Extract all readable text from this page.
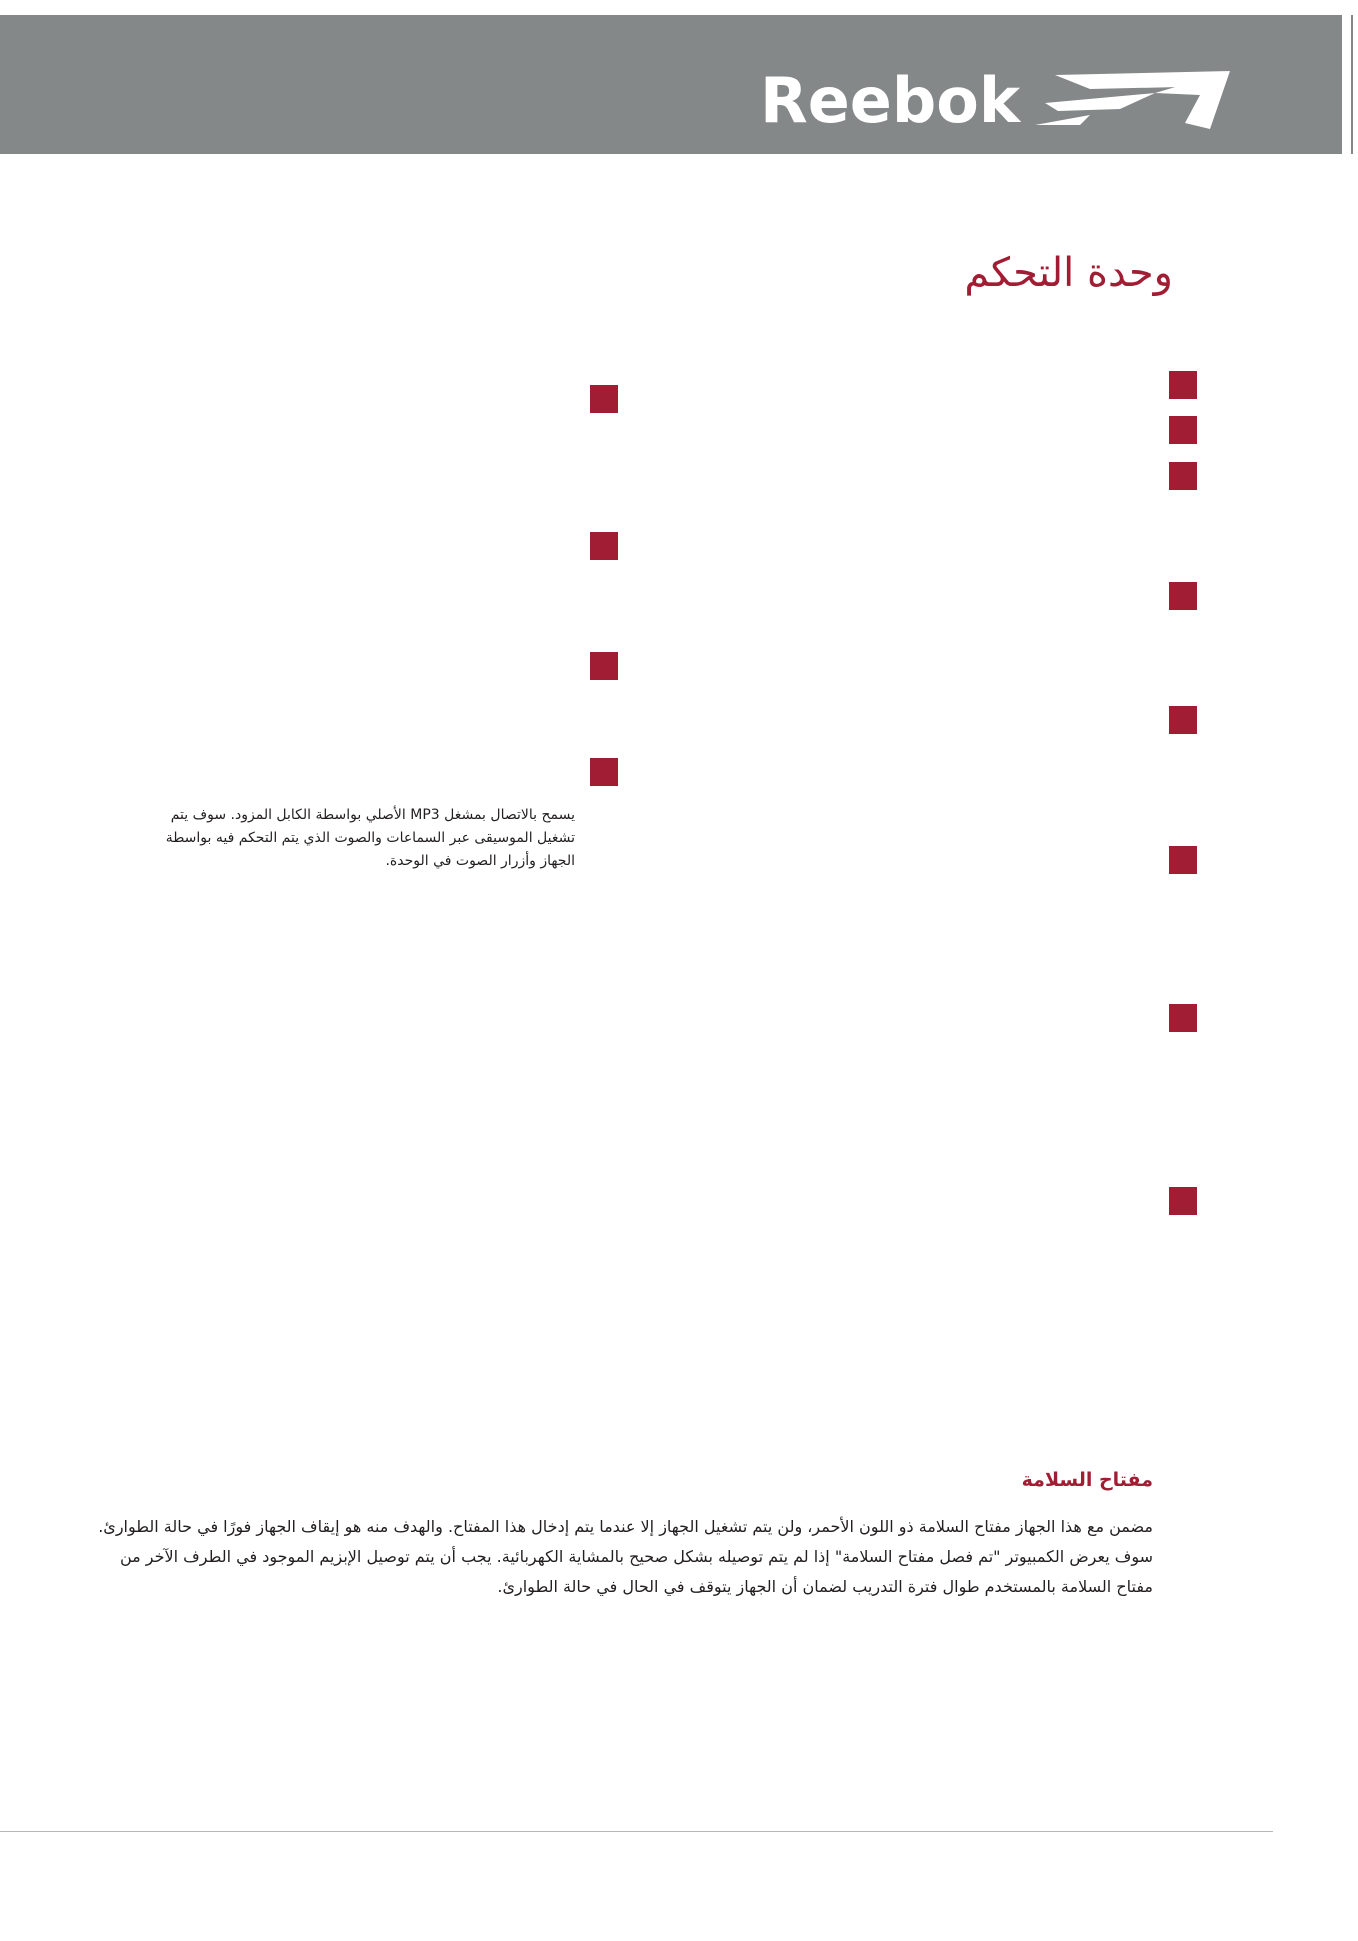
Reebok
وحدة التحكم

يسمح بالاتصال بمشغل MP3 الأصلي بواسطة الكابل المزود. سوف يتم تشغيل الموسيقى عبر السماعات والصوت الذي يتم التحكم فيه بواسطة الجهاز وأزرار الصوت في الوحدة.

مفتاح السلامة

مضمن مع هذا الجهاز مفتاح السلامة ذو اللون الأحمر، ولن يتم تشغيل الجهاز إلا عندما يتم إدخال هذا المفتاح. والهدف منه هو إيقاف الجهاز فورًا في حالة الطوارئ. سوف يعرض الكمبيوتر "تم فصل مفتاح السلامة" إذا لم يتم توصيله بشكل صحيح بالمشاية الكهربائية. يجب أن يتم توصيل الإبزيم الموجود في الطرف الآخر من مفتاح السلامة بالمستخدم طوال فترة التدريب لضمان أن الجهاز يتوقف في الحال في حالة الطوارئ.
